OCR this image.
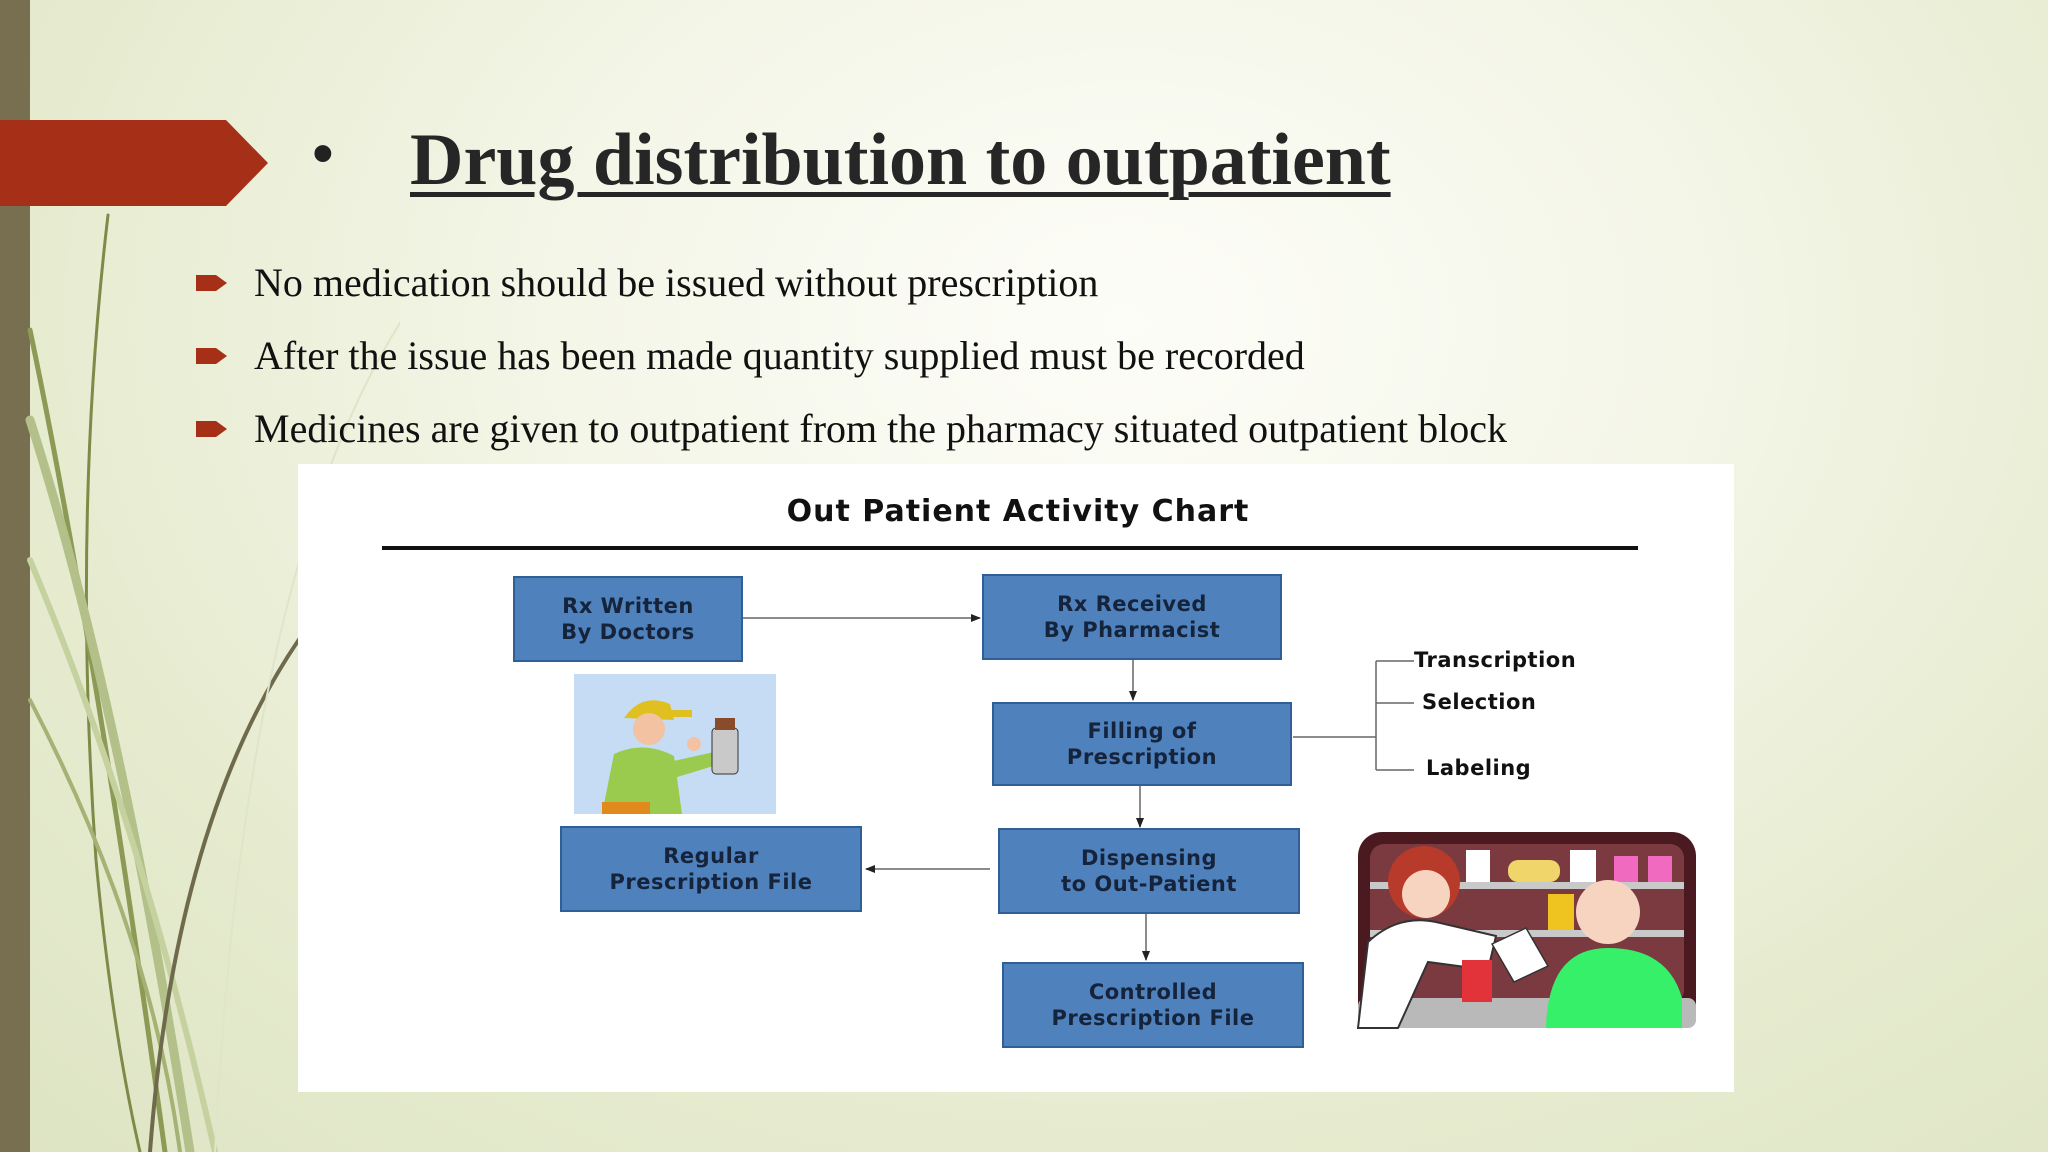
• Drug distribution to outpatient
No medication should be issued without prescription
After the issue has been made quantity supplied must be recorded
Medicines are given to outpatient from the pharmacy situated outpatient block
Out Patient Activity Chart
Rx Written
By Doctors
Rx Received
By Pharmacist
Filling of
Prescription
Regular
Prescription File
Dispensing
to Out-Patient
Controlled
Prescription File
Transcription
Selection
Labeling
